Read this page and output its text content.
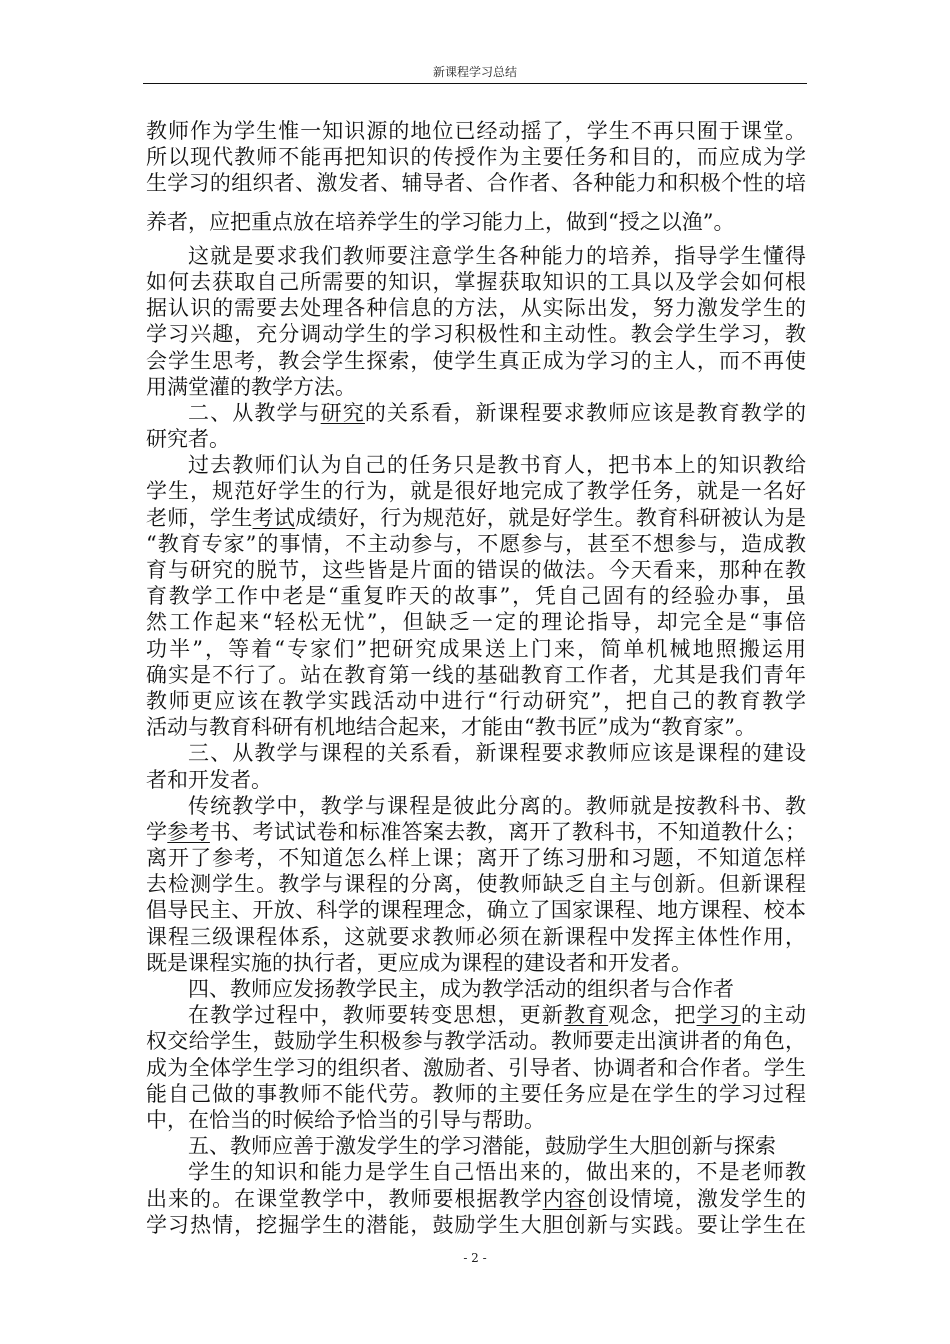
新课程学习总结
教师作为学生惟一知识源的地位已经动摇了，学生不再只囿于课堂。
所以现代教师不能再把知识的传授作为主要任务和目的，而应成为学
生学习的组织者、激发者、辅导者、合作者、各种能力和积极个性的培
养者，应把重点放在培养学生的学习能力上，做到“授之以渔”。
这就是要求我们教师要注意学生各种能力的培养，指导学生懂得
如何去获取自己所需要的知识，掌握获取知识的工具以及学会如何根
据认识的需要去处理各种信息的方法，从实际出发，努力激发学生的
学习兴趣，充分调动学生的学习积极性和主动性。教会学生学习，教
会学生思考，教会学生探索，使学生真正成为学习的主人，而不再使
用满堂灌的教学方法。
二、从教学与研究的关系看，新课程要求教师应该是教育教学的
研究者。
过去教师们认为自己的任务只是教书育人，把书本上的知识教给
学生，规范好学生的行为，就是很好地完成了教学任务，就是一名好
老师，学生考试成绩好，行为规范好，就是好学生。教育科研被认为是
“教育专家”的事情，不主动参与，不愿参与，甚至不想参与，造成教
育与研究的脱节，这些皆是片面的错误的做法。今天看来，那种在教
育教学工作中老是“重复昨天的故事”，凭自己固有的经验办事，虽
然工作起来“轻松无忧”，但缺乏一定的理论指导，却完全是“事倍
功半”，等着“专家们”把研究成果送上门来，简单机械地照搬运用
确实是不行了。站在教育第一线的基础教育工作者，尤其是我们青年
教师更应该在教学实践活动中进行“行动研究”，把自己的教育教学
活动与教育科研有机地结合起来，才能由“教书匠”成为“教育家”。
三、从教学与课程的关系看，新课程要求教师应该是课程的建设
者和开发者。
传统教学中，教学与课程是彼此分离的。教师就是按教科书、教
学参考书、考试试卷和标准答案去教，离开了教科书，不知道教什么；
离开了参考，不知道怎么样上课；离开了练习册和习题，不知道怎样
去检测学生。教学与课程的分离，使教师缺乏自主与创新。但新课程
倡导民主、开放、科学的课程理念，确立了国家课程、地方课程、校本
课程三级课程体系，这就要求教师必须在新课程中发挥主体性作用，
既是课程实施的执行者，更应成为课程的建设者和开发者。
四、教师应发扬教学民主，成为教学活动的组织者与合作者
在教学过程中，教师要转变思想，更新教育观念，把学习的主动
权交给学生，鼓励学生积极参与教学活动。教师要走出演讲者的角色，
成为全体学生学习的组织者、激励者、引导者、协调者和合作者。学生
能自己做的事教师不能代劳。教师的主要任务应是在学生的学习过程
中，在恰当的时候给予恰当的引导与帮助。
五、教师应善于激发学生的学习潜能，鼓励学生大胆创新与探索
学生的知识和能力是学生自己悟出来的，做出来的，不是老师教
出来的。在课堂教学中，教师要根据教学内容创设情境，激发学生的
学习热情，挖掘学生的潜能，鼓励学生大胆创新与实践。要让学生在
- 2 -
